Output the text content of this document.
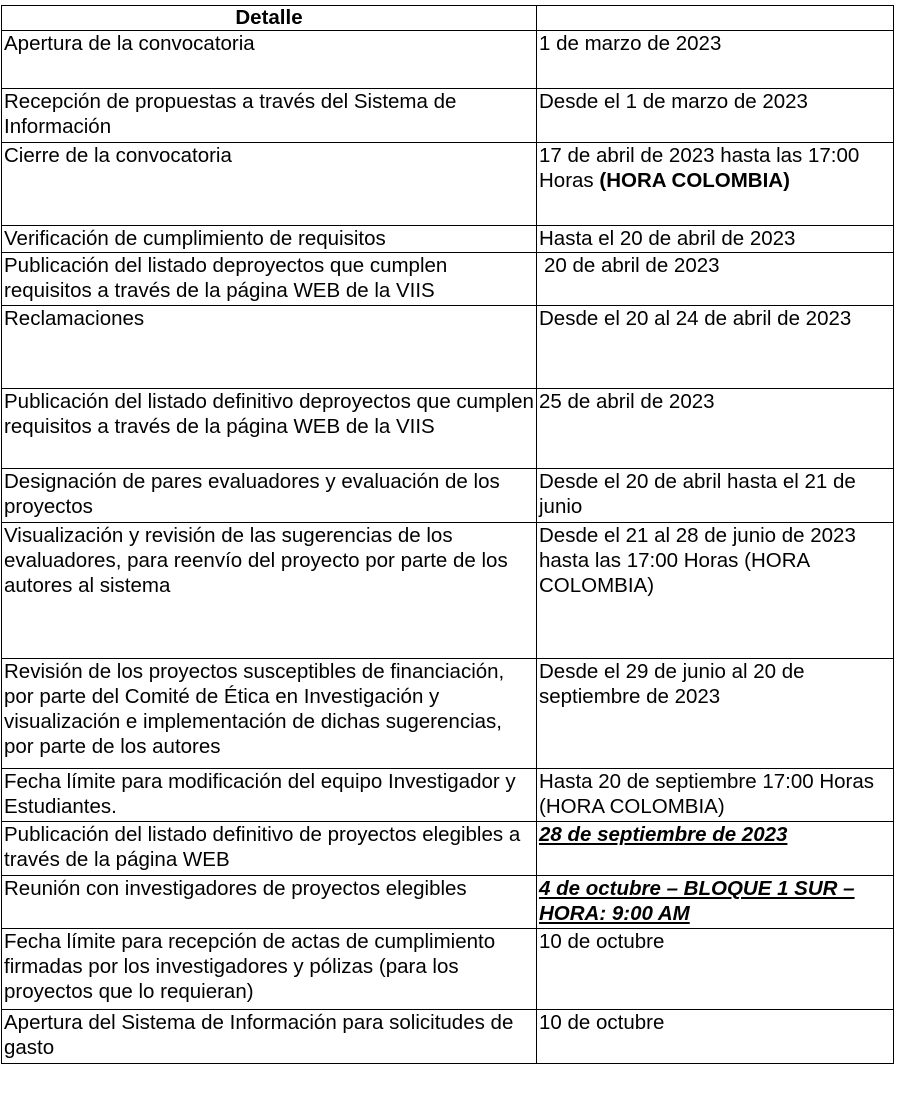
Detalle	
Apertura de la convocatoria	1 de marzo de 2023
Recepción de propuestas a través del Sistema de Información	Desde el 1 de marzo de 2023
Cierre de la convocatoria	17 de abril de 2023 hasta las 17:00 Horas (HORA COLOMBIA)
Verificación de cumplimiento de requisitos	Hasta el 20 de abril de 2023
Publicación del listado deproyectos que cumplen requisitos a través de la página WEB de la VIIS	20 de abril de 2023
Reclamaciones	Desde el 20 al 24 de abril de 2023
Publicación del listado definitivo deproyectos que cumplen requisitos a través de la página WEB de la VIIS	25 de abril de 2023
Designación de pares evaluadores y evaluación de los proyectos	Desde el 20 de abril hasta el 21 de junio
Visualización y revisión de las sugerencias de los evaluadores, para reenvío del proyecto por parte de los autores al sistema	Desde el 21 al 28 de junio de 2023 hasta las 17:00 Horas (HORA COLOMBIA)
Revisión de los proyectos susceptibles de financiación, por parte del Comité de Ética en Investigación y visualización e implementación de dichas sugerencias, por parte de los autores	Desde el 29 de junio al 20 de septiembre de 2023
Fecha límite para modificación del equipo Investigador y Estudiantes.	Hasta 20 de septiembre 17:00 Horas (HORA COLOMBIA)
Publicación del listado definitivo de proyectos elegibles a través de la página WEB	28 de septiembre de 2023
Reunión con investigadores de proyectos elegibles	4 de octubre – BLOQUE 1 SUR – HORA: 9:00 AM
Fecha límite para recepción de actas de cumplimiento firmadas por los investigadores y pólizas (para los proyectos que lo requieran)	10 de octubre
Apertura del Sistema de Información para solicitudes de gasto	10 de octubre
